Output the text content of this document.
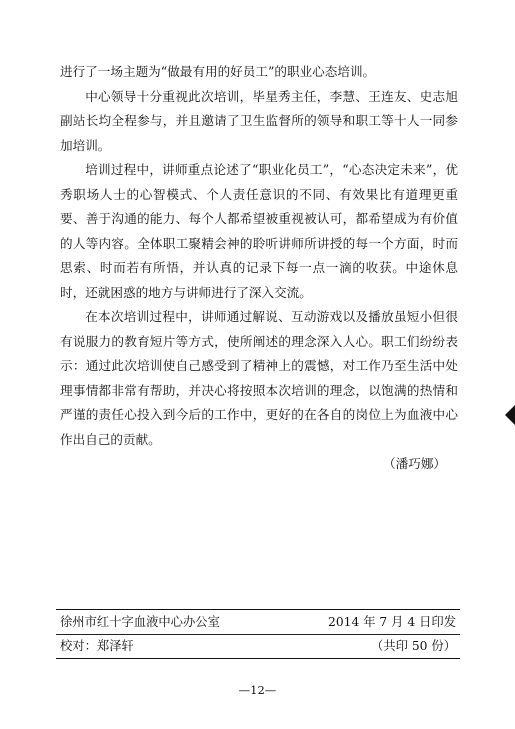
进行了一场主题为“做最有用的好员工”的职业心态培训。

中心领导十分重视此次培训，毕星秀主任，李慧、王连友、史志旭副站长均全程参与，并且邀请了卫生监督所的领导和职工等十人一同参加培训。

培训过程中，讲师重点论述了“职业化员工”，“心态决定未来”，优秀职场人士的心智模式、个人责任意识的不同、有效果比有道理更重要、善于沟通的能力、每个人都希望被重视被认可，都希望成为有价值的人等内容。全体职工聚精会神的聆听讲师所讲授的每一个方面，时而思索、时而若有所悟，并认真的记录下每一点一滴的收获。中途休息时，还就困惑的地方与讲师进行了深入交流。

在本次培训过程中，讲师通过解说、互动游戏以及播放虽短小但很有说服力的教育短片等方式，使所阐述的理念深入人心。职工们纷纷表示：通过此次培训使自己感受到了精神上的震憾，对工作乃至生活中处理事情都非常有帮助，并决心将按照本次培训的理念，以饱满的热情和严谨的责任心投入到今后的工作中，更好的在各自的岗位上为血液中心作出自己的贡献。

（潘巧娜）

徐州市红十字血液中心办公室	2014 年 7 月 4 日印发
校对：郑泽轩	（共印 50 份）
—12—
